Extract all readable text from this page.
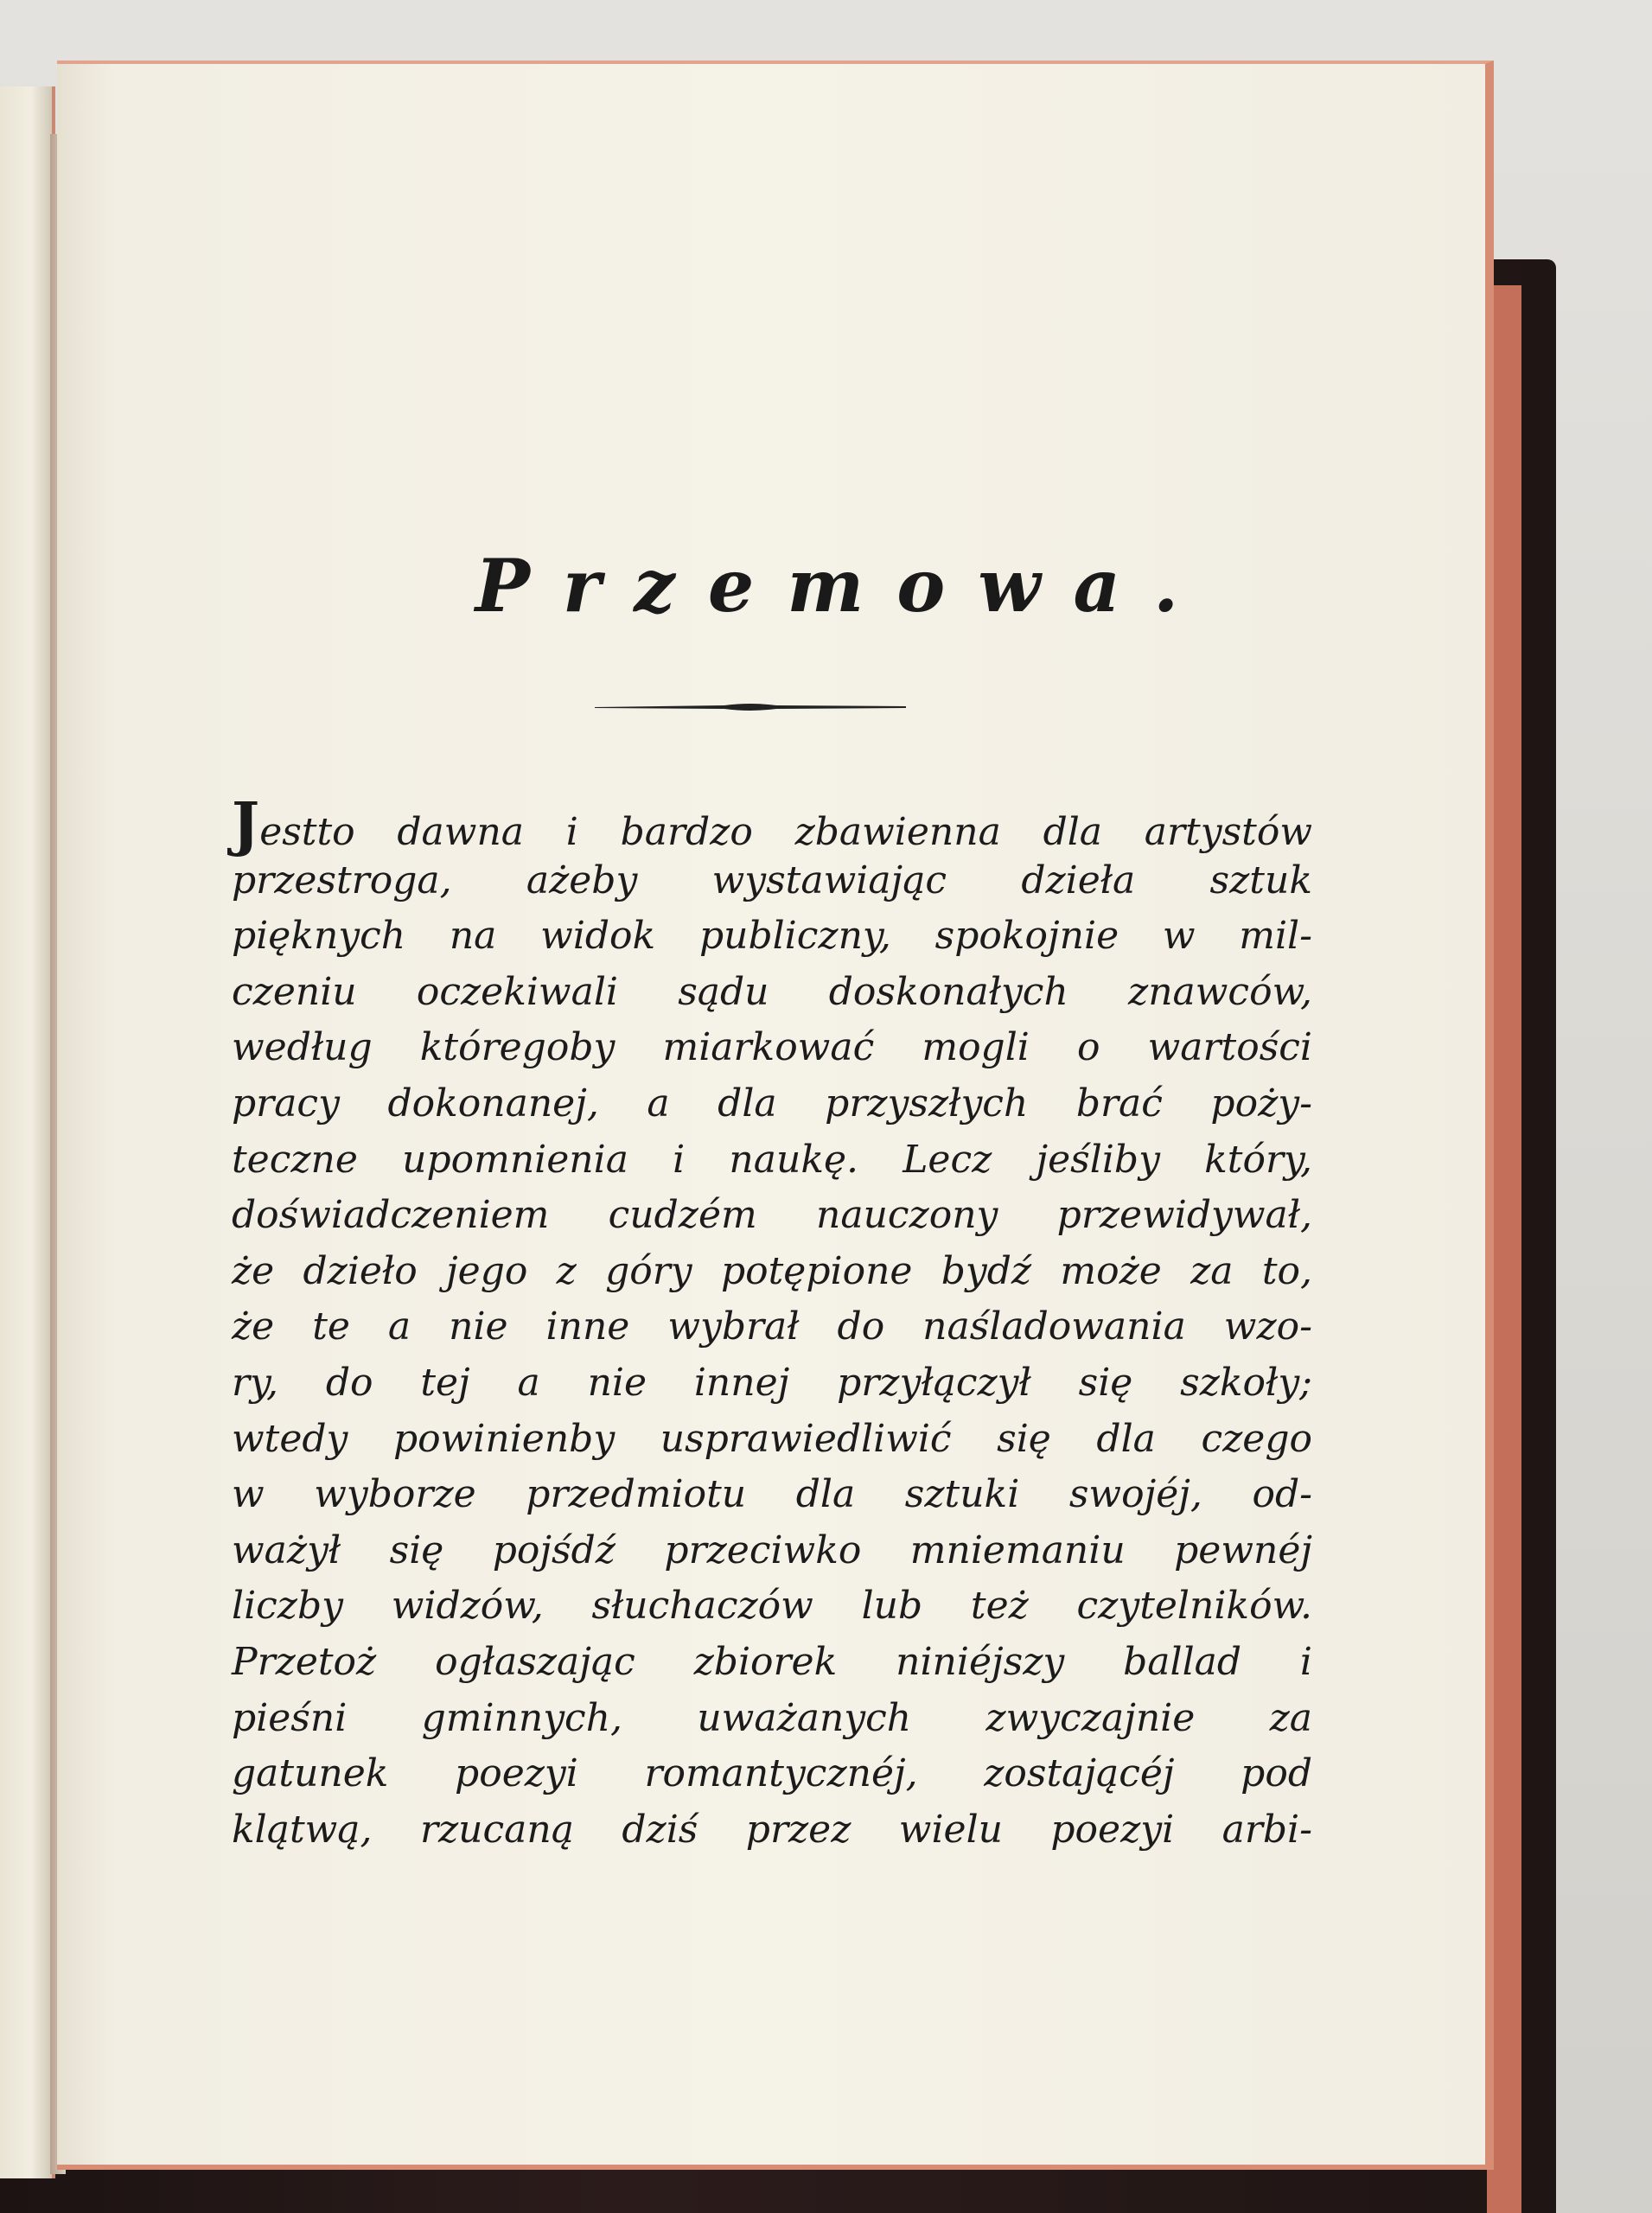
Przemowa.
Jestto dawna i bardzo zbawienna dla artystów
przestroga, ażeby wystawiając dzieła sztuk
pięknych na widok publiczny, spokojnie w mil-
czeniu oczekiwali sądu doskonałych znawców,
według któregoby miarkować mogli o wartości
pracy dokonanej, a dla przyszłych brać poży-
teczne upomnienia i naukę. Lecz jeśliby który,
doświadczeniem cudzém nauczony przewidywał,
że dzieło jego z góry potępione bydź może za to,
że te a nie inne wybrał do naśladowania wzo-
ry, do tej a nie innej przyłączył się szkoły;
wtedy powinienby usprawiedliwić się dla czego
w wyborze przedmiotu dla sztuki swojéj, od-
ważył się pojśdź przeciwko mniemaniu pewnéj
liczby widzów, słuchaczów lub też czytelników.
Przetoż ogłaszając zbiorek niniéjszy ballad i
pieśni gminnych, uważanych zwyczajnie za
gatunek poezyi romantycznéj, zostającéj pod
klątwą, rzucaną dziś przez wielu poezyi arbi-
